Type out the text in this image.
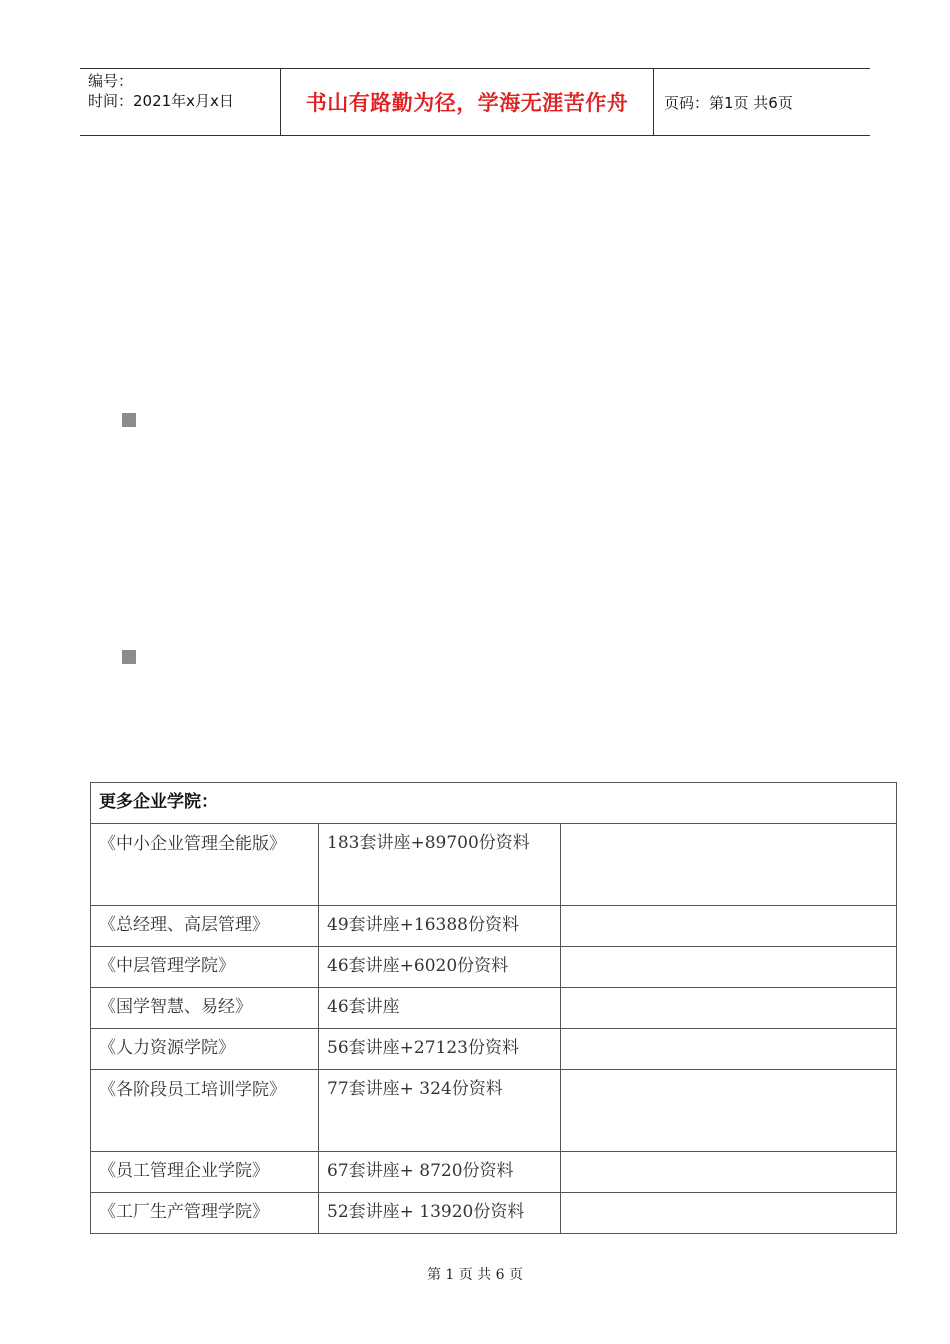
编号：
时间：2021年x月x日	书山有路勤为径，学海无涯苦作舟	页码：第1页 共6页
更多企业学院：		
《中小企业管理全能版》	183套讲座+89700份资料	
《总经理、高层管理》	49套讲座+16388份资料	
《中层管理学院》	46套讲座+6020份资料	
《国学智慧、易经》	46套讲座	
《人力资源学院》	56套讲座+27123份资料	
《各阶段员工培训学院》	77套讲座+ 324份资料	
《员工管理企业学院》	67套讲座+ 8720份资料	
《工厂生产管理学院》	52套讲座+ 13920份资料	
第 1 页 共 6 页
